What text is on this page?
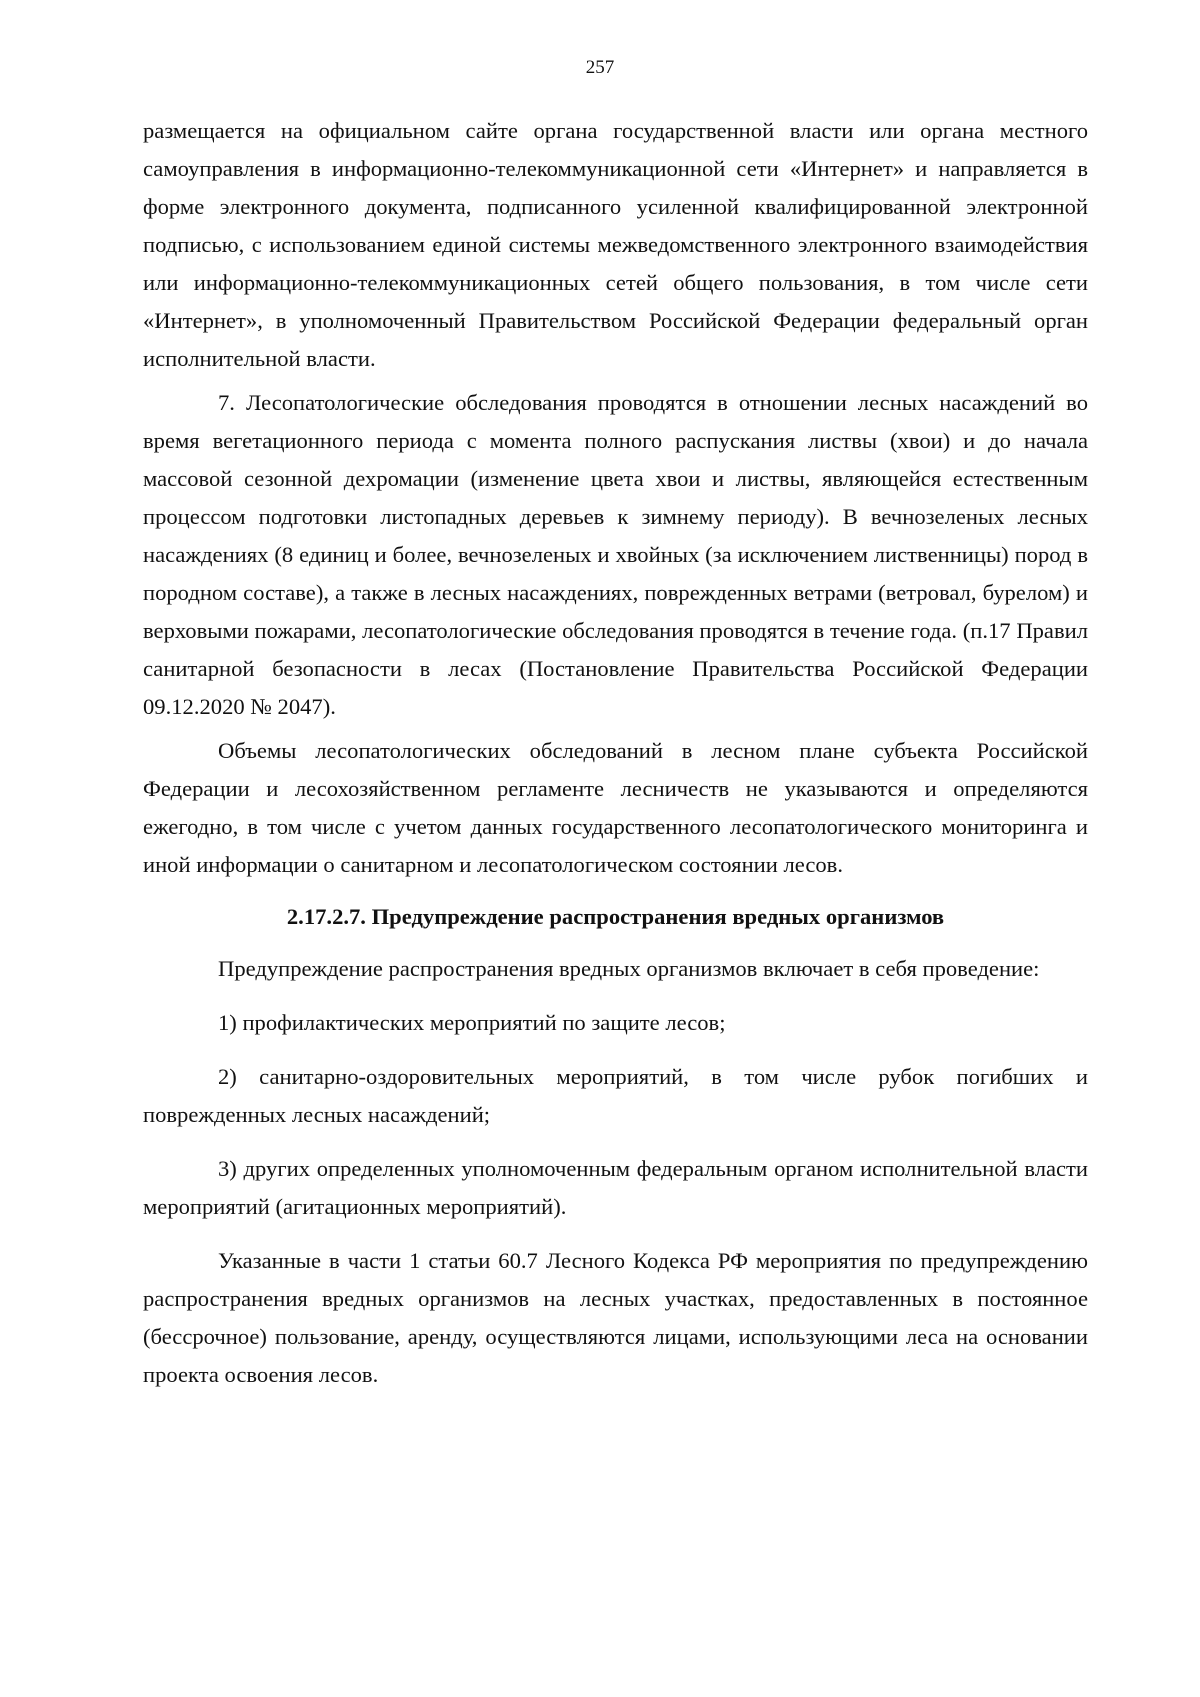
257

размещается на официальном сайте органа государственной власти или органа местного самоуправления в информационно-телекоммуникационной сети «Интернет» и направляется в форме электронного документа, подписанного усиленной квалифицированной электронной подписью, с использованием единой системы межведомственного электронного взаимодействия или информационно-телекоммуникационных сетей общего пользования, в том числе сети «Интернет», в уполномоченный Правительством Российской Федерации федеральный орган исполнительной власти.

7. Лесопатологические обследования проводятся в отношении лесных насаждений во время вегетационного периода с момента полного распускания листвы (хвои) и до начала массовой сезонной дехромации (изменение цвета хвои и листвы, являющейся естественным процессом подготовки листопадных деревьев к зимнему периоду). В вечнозеленых лесных насаждениях (8 единиц и более, вечнозеленых и хвойных (за исключением лиственницы) пород в породном составе), а также в лесных насаждениях, поврежденных ветрами (ветровал, бурелом) и верховыми пожарами, лесопатологические обследования проводятся в течение года. (п.17 Правил санитарной безопасности в лесах (Постановление Правительства Российской Федерации 09.12.2020 № 2047).

Объемы лесопатологических обследований в лесном плане субъекта Российской Федерации и лесохозяйственном регламенте лесничеств не указываются и определяются ежегодно, в том числе с учетом данных государственного лесопатологического мониторинга и иной информации о санитарном и лесопатологическом состоянии лесов.

2.17.2.7. Предупреждение распространения вредных организмов

Предупреждение распространения вредных организмов включает в себя проведение:

1) профилактических мероприятий по защите лесов;

2) санитарно-оздоровительных мероприятий, в том числе рубок погибших и поврежденных лесных насаждений;

3) других определенных уполномоченным федеральным органом исполнительной власти мероприятий (агитационных мероприятий).

Указанные в части 1 статьи 60.7 Лесного Кодекса РФ мероприятия по предупреждению распространения вредных организмов на лесных участках, предоставленных в постоянное (бессрочное) пользование, аренду, осуществляются лицами, использующими леса на основании проекта освоения лесов.
